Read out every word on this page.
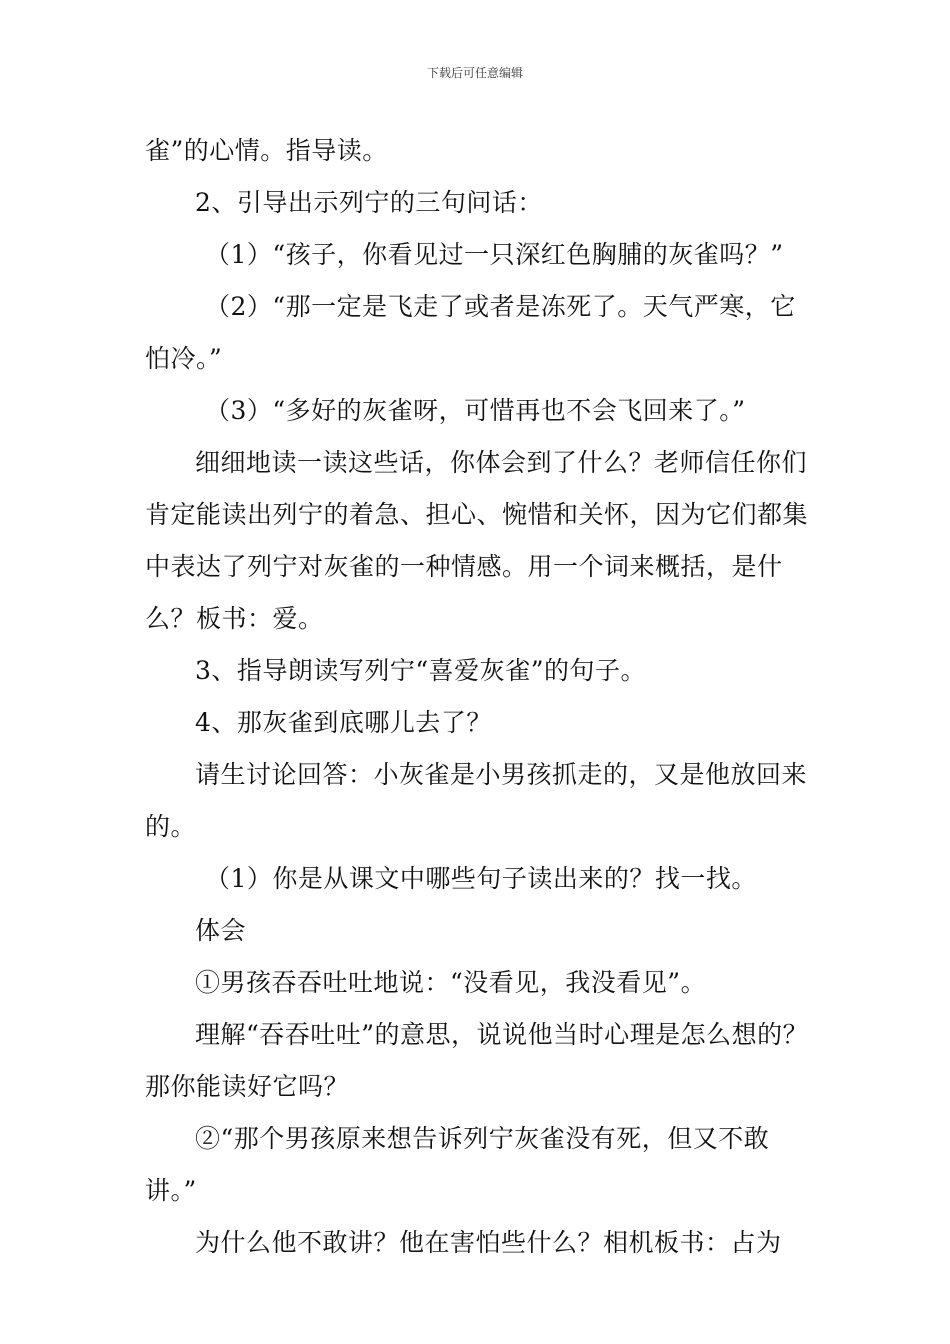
下载后可任意编辑

雀”的心情。指导读。

2、引导出示列宁的三句问话：

（1）“孩子，你看见过一只深红色胸脯的灰雀吗？”

（2）“那一定是飞走了或者是冻死了。天气严寒，它怕冷。”

（3）“多好的灰雀呀，可惜再也不会飞回来了。”

细细地读一读这些话，你体会到了什么？老师信任你们肯定能读出列宁的着急、担心、惋惜和关怀，因为它们都集中表达了列宁对灰雀的一种情感。用一个词来概括，是什么？板书：爱。

3、指导朗读写列宁“喜爱灰雀”的句子。

4、那灰雀到底哪儿去了？

请生讨论回答：小灰雀是小男孩抓走的，又是他放回来的。

（1）你是从课文中哪些句子读出来的？找一找。

体会

①男孩吞吞吐吐地说：“没看见，我没看见”。

理解“吞吞吐吐”的意思，说说他当时心理是怎么想的？那你能读好它吗？

②“那个男孩原来想告诉列宁灰雀没有死，但又不敢讲。”

为什么他不敢讲？他在害怕些什么？相机板书：占为
